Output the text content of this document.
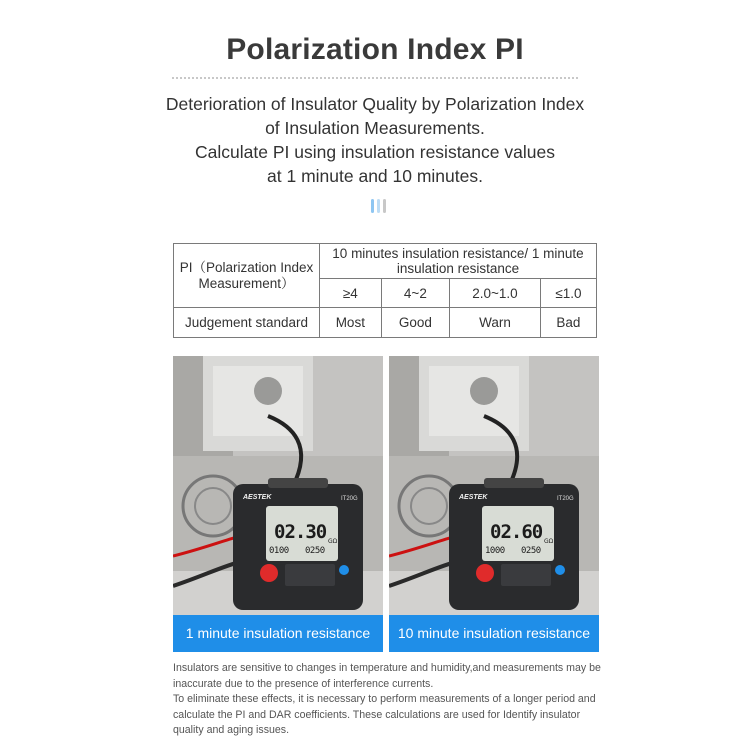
Polarization Index PI
Deterioration of Insulator Quality by Polarization Index
of Insulation Measurements.
Calculate PI using insulation resistance values
at 1 minute and 10 minutes.
PI（Polarization Index Measurement）	10 minutes insulation resistance/ 1 minute insulation resistance			
	≥4	4~2	2.0~1.0	≤1.0
Judgement standard	Most	Good	Warn	Bad
AESTEK	IT20G
02.30 GΩ
0100 0250
1 minute insulation resistance
AESTEK	IT20G
02.60 GΩ
1000 0250
10 minute insulation resistance

Insulators are sensitive to changes in temperature and humidity,and measurements may be inaccurate due to the presence of interference currents.

To eliminate these effects, it is necessary to perform measurements of a longer period and calculate the PI and DAR coefficients. These calculations are used for Identify insulator quality and aging issues.
